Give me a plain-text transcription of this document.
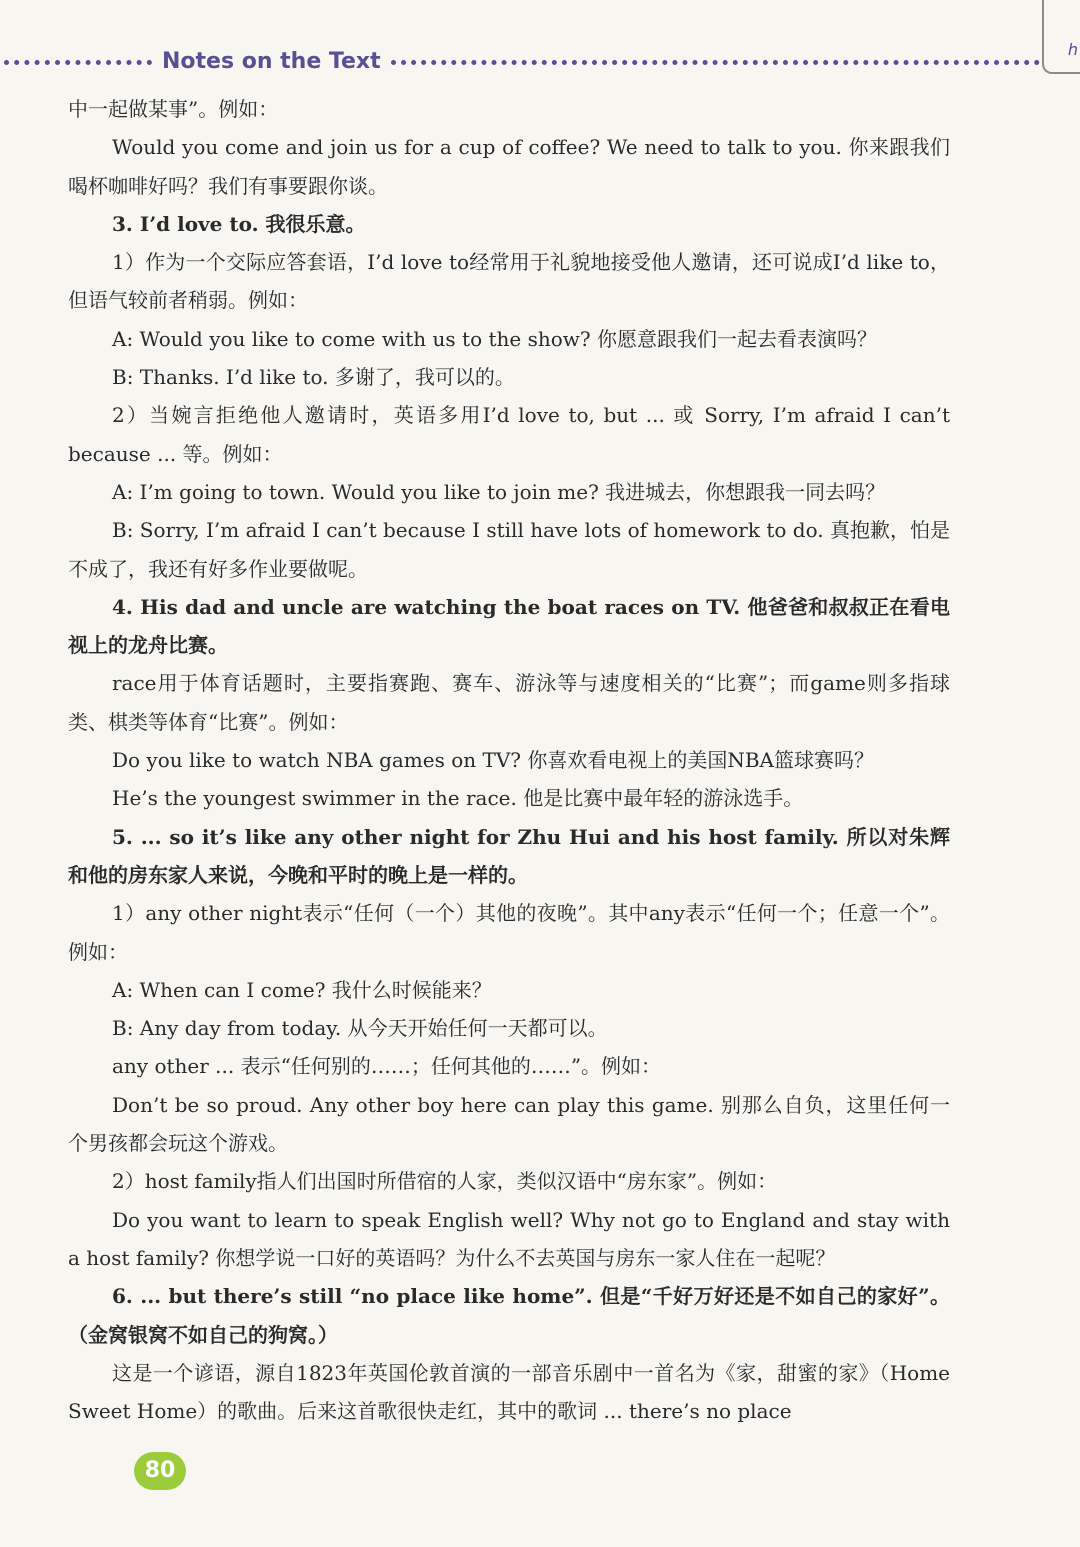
Notes on the Text	h

中一起做某事”。例如：

Would you come and join us for a cup of coffee? We need to talk to you. 你来跟我们喝杯咖啡好吗？我们有事要跟你谈。

3. I’d love to. 我很乐意。

1）作为一个交际应答套语，I’d love to经常用于礼貌地接受他人邀请，还可说成I’d like to，但语气较前者稍弱。例如：

A: Would you like to come with us to the show? 你愿意跟我们一起去看表演吗？

B: Thanks. I’d like to. 多谢了，我可以的。

2）当婉言拒绝他人邀请时，英语多用I’d love to, but ... 或 Sorry, I’m afraid I can’t because ... 等。例如：

A: I’m going to town. Would you like to join me? 我进城去，你想跟我一同去吗？

B: Sorry, I’m afraid I can’t because I still have lots of homework to do. 真抱歉，怕是不成了，我还有好多作业要做呢。

4. His dad and uncle are watching the boat races on TV. 他爸爸和叔叔正在看电视上的龙舟比赛。

race用于体育话题时，主要指赛跑、赛车、游泳等与速度相关的“比赛”；而game则多指球类、棋类等体育“比赛”。例如：

Do you like to watch NBA games on TV? 你喜欢看电视上的美国NBA篮球赛吗？

He’s the youngest swimmer in the race. 他是比赛中最年轻的游泳选手。

5. ... so it’s like any other night for Zhu Hui and his host family. 所以对朱辉和他的房东家人来说，今晚和平时的晚上是一样的。

1）any other night表示“任何（一个）其他的夜晚”。其中any表示“任何一个；任意一个”。例如：

A: When can I come? 我什么时候能来？

B: Any day from today. 从今天开始任何一天都可以。

any other ... 表示“任何别的……；任何其他的……”。例如：

Don’t be so proud. Any other boy here can play this game. 别那么自负，这里任何一个男孩都会玩这个游戏。

2）host family指人们出国时所借宿的人家，类似汉语中“房东家”。例如：

Do you want to learn to speak English well? Why not go to England and stay with a host family? 你想学说一口好的英语吗？为什么不去英国与房东一家人住在一起呢？

6. ... but there’s still “no place like home”. 但是“千好万好还是不如自己的家好”。（金窝银窝不如自己的狗窝。）

这是一个谚语，源自1823年英国伦敦首演的一部音乐剧中一首名为《家，甜蜜的家》（Home Sweet Home）的歌曲。后来这首歌很快走红，其中的歌词 ... there’s no place

80
